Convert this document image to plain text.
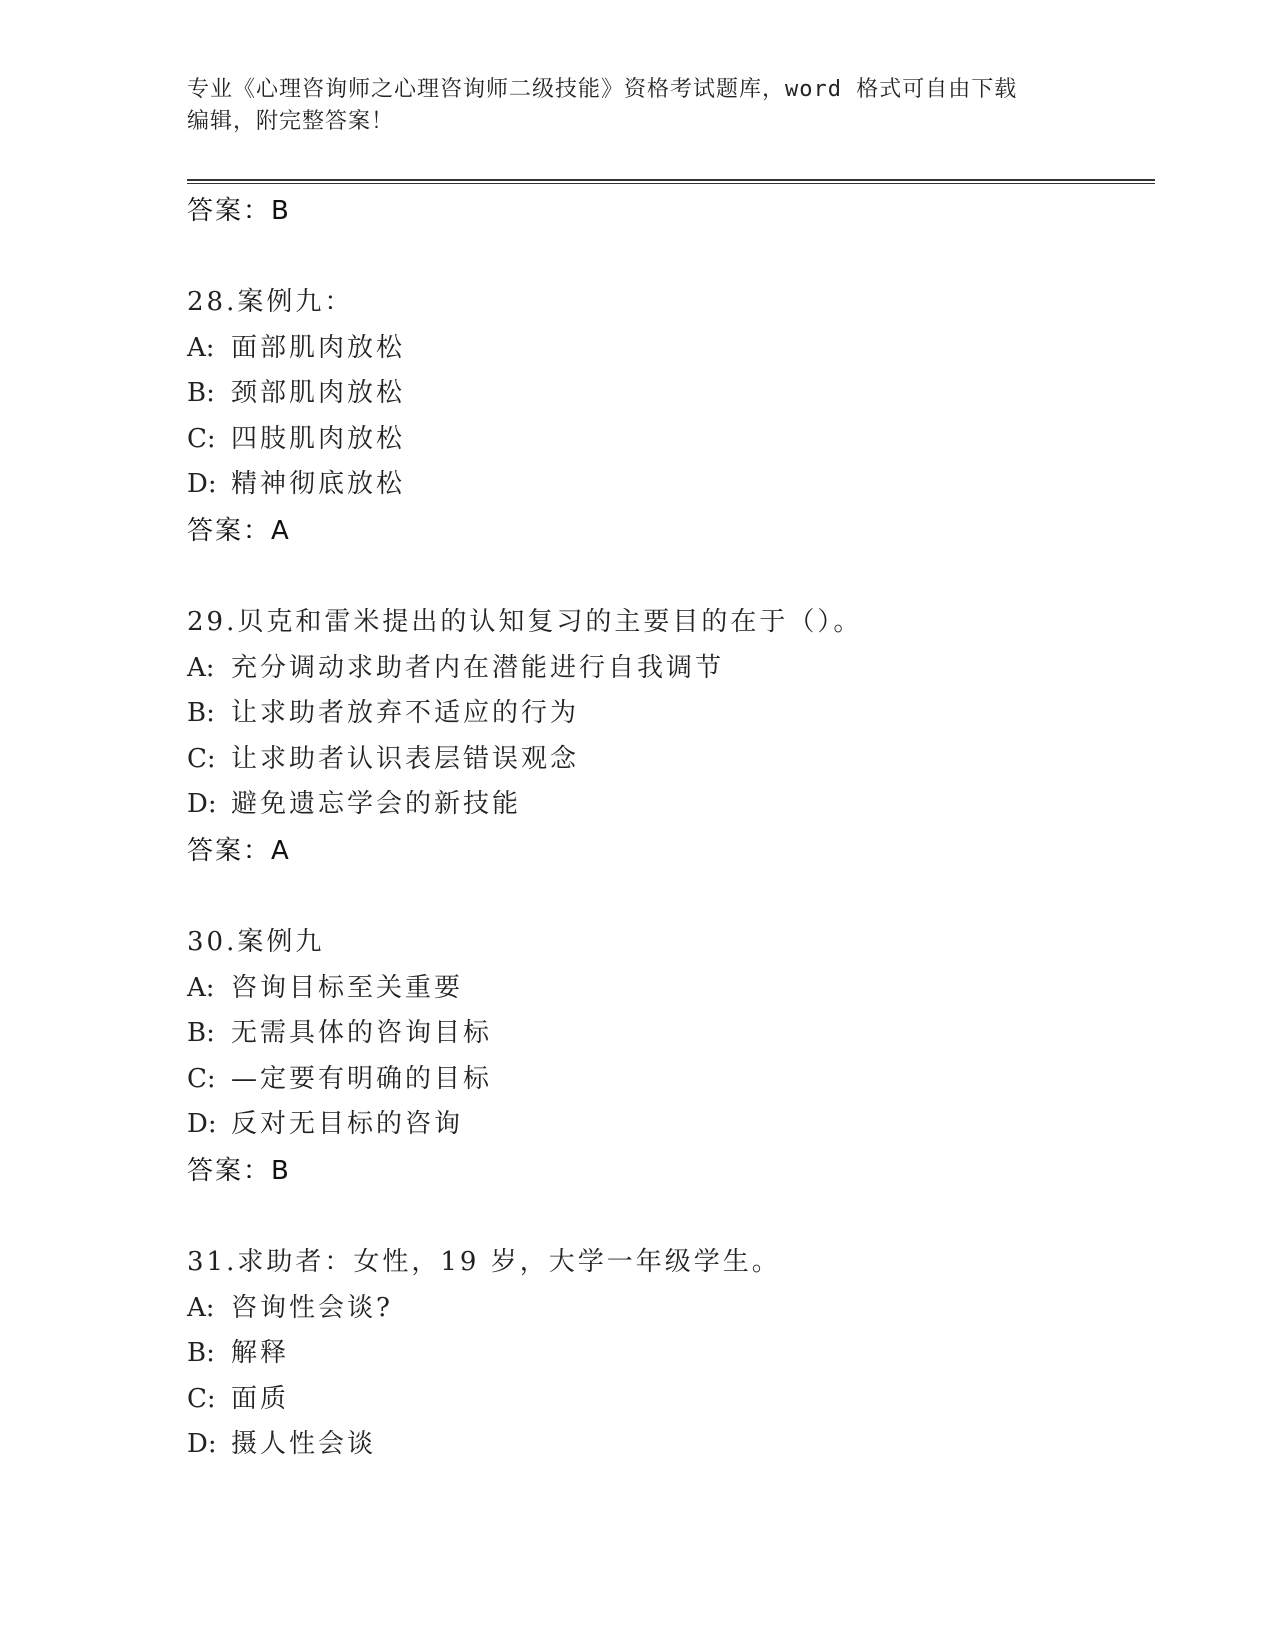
专业《心理咨询师之心理咨询师二级技能》资格考试题库，word 格式可自由下载
编辑，附完整答案！
答案：B
28.案例九：
A: 面部肌肉放松
B: 颈部肌肉放松
C: 四肢肌肉放松
D: 精神彻底放松
答案：A
29.贝克和雷米提出的认知复习的主要目的在于（）。
A: 充分调动求助者内在潜能进行自我调节
B: 让求助者放弃不适应的行为
C: 让求助者认识表层错误观念
D: 避免遗忘学会的新技能
答案：A
30.案例九
A: 咨询目标至关重要
B: 无需具体的咨询目标
C: —定要有明确的目标
D: 反对无目标的咨询
答案：B
31.求助者：女性，19 岁，大学一年级学生。
A: 咨询性会谈?
B: 解释
C: 面质
D: 摄人性会谈
